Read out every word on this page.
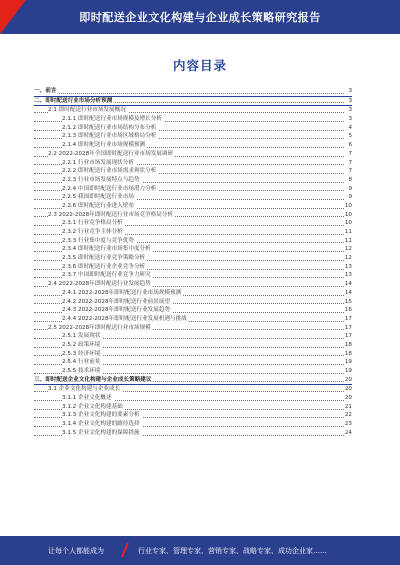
即时配送企业文化构建与企业成长策略研究报告
内容目录
一、前言	3
二、即时配送行业市场分析预测	3
2.1 即时配送行业市场发展概况	3
2.1.1 即时配送行业市场规模及增长分析	3
2.1.2 即时配送行业市场结构分布分析	4
2.1.3 即时配送行业市场区域格局分析	5
2.1.4 即时配送行业市场规模预测	6
2.2 2022-2028年全国即时配送行业市场发展调研	7
2.2.1 行业市场发展现状分析	7
2.2.2 即时配送行业市场需求现状分析	7
2.2.3 行业市场发展特点与趋势	8
2.2.4 中国即时配送行业市场潜力分析	9
2.2.5 我国即时配送行业市场	9
2.2.6 即时配送行业进入壁垒	10
2.3 2022-2028年即时配送行业市场竞争格局分析	10
2.3.1 行业竞争格局分析	10
2.3.2 行业竞争主体分析	11
2.3.3 行业集中度与竞争优势	11
2.3.4 即时配送行业市场集中度分析	12
2.3.5 即时配送行业竞争策略分析	12
2.3.6 即时配送行业企业竞争分析	13
2.3.7 中国即时配送行业竞争力研究	13
2.4 2022-2028年即时配送行业发展趋势	14
2.4.1 2022-2028年即时配送行业市场规模预测	14
2.4.2 2022-2028年即时配送行业前景展望	15
2.4.3 2022-2028年即时配送行业发展趋势	16
2.4.4 2022-2028年即时配送行业发展机遇与挑战	17
2.5 2022-2028年即时配送行业市场规模	17
2.5.1 发展现状	17
2.5.2 政策环境	18
2.5.3 经济环境	18
2.5.4 行业前景	19
2.5.5 技术环境	19
三、即时配送企业文化构建与企业成长策略建议	20
3.1 企业文化构建与企业成长	20
3.1.1 企业文化概述	20
3.1.2 企业文化构建基础	21
3.1.3 企业文化构建的要素分析	22
3.1.4 企业文化构建的路径选择	23
3.1.5 企业文化构建的保障措施	24
让每个人都能成为	行业专家、管理专家、营销专家、战略专家、成功企业家……
